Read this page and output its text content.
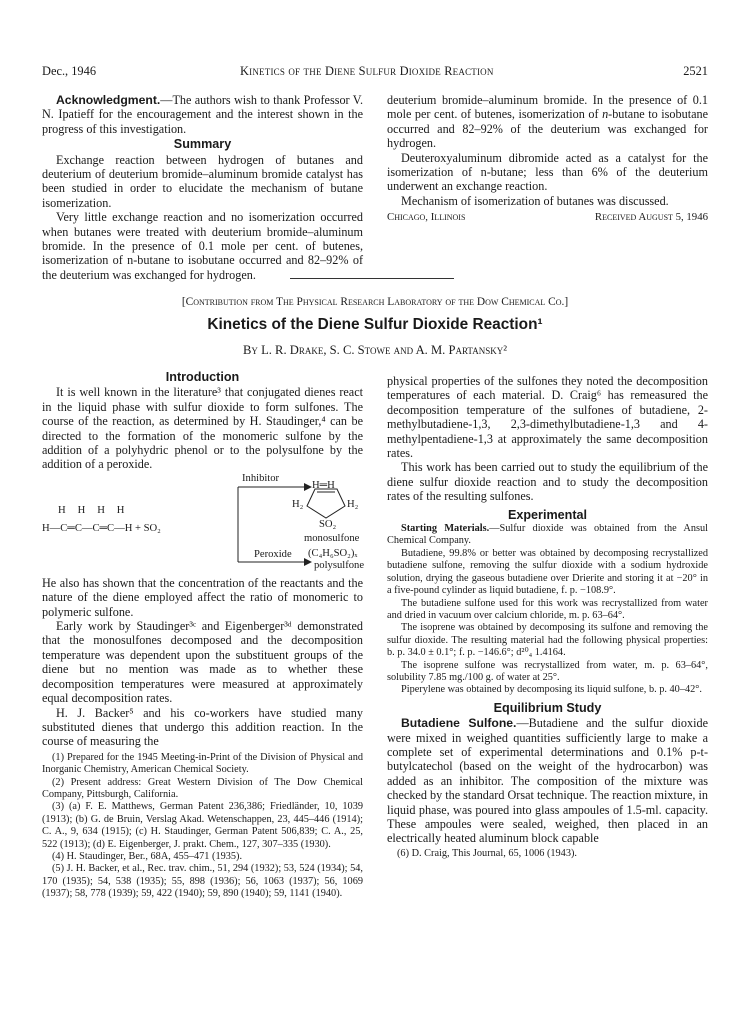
Dec., 1946	Kinetics of the Diene Sulfur Dioxide Reaction	2521

Acknowledgment.—The authors wish to thank Professor V. N. Ipatieff for the encouragement and the interest shown in the progress of this investigation.

Summary

Exchange reaction between hydrogen of butanes and deuterium of deuterium bromide–aluminum bromide catalyst has been studied in order to elucidate the mechanism of butane isomerization.

Very little exchange reaction and no isomerization occurred when butanes were treated with deuterium bromide–aluminum bromide. In the presence of 0.1 mole per cent. of butenes, isomerization of n-butane to isobutane occurred and 82–92% of the deuterium was exchanged for hydrogen.

deuterium bromide–aluminum bromide. In the presence of 0.1 mole per cent. of butenes, isomerization of n-butane to isobutane occurred and 82–92% of the deuterium was exchanged for hydrogen.

Deuteroxyaluminum dibromide acted as a catalyst for the isomerization of n-butane; less than 6% of the deuterium underwent an exchange reaction.

Mechanism of isomerization of butanes was discussed.

Chicago, Illinois	Received August 5, 1946
[Contribution from The Physical Research Laboratory of the Dow Chemical Co.]
Kinetics of the Diene Sulfur Dioxide Reaction¹
By L. R. Drake, S. C. Stowe and A. M. Partansky²
Introduction

It is well known in the literature³ that conjugated dienes react in the liquid phase with sulfur dioxide to form sulfones. The course of the reaction, as determined by H. Staudinger,⁴ can be directed to the formation of the monomeric sulfone by the addition of a polyhydric phenol or to the polysulfone by the addition of a peroxide.

Inhibitor
H═H
H₂	H₂
SO₂
H   H   H   H
H—C═C—C═C—H + SO₂
monosulfone
Peroxide (C₄H₆SO₂)ₓ
polysulfone

He also has shown that the concentration of the reactants and the nature of the diene employed affect the ratio of monomeric to polymeric sulfone.

Early work by Staudinger³ᶜ and Eigenberger³ᵈ demonstrated that the monosulfones decomposed and the decomposition temperature was dependent upon the substituent groups of the diene but no mention was made as to whether these decomposition temperatures were measured at approximately equal decomposition rates.

H. J. Backer⁵ and his co-workers have studied many substituted dienes that undergo this addition reaction. In the course of measuring the

(1) Prepared for the 1945 Meeting-in-Print of the Division of Physical and Inorganic Chemistry, American Chemical Society.

(2) Present address: Great Western Division of The Dow Chemical Company, Pittsburgh, California.

(3) (a) F. E. Matthews, German Patent 236,386; Friedländer, 10, 1039 (1913); (b) G. de Bruin, Verslag Akad. Wetenschappen, 23, 445–446 (1914); C. A., 9, 634 (1915); (c) H. Staudinger, German Patent 506,839; C. A., 25, 522 (1913); (d) E. Eigenberger, J. prakt. Chem., 127, 307–335 (1930).

(4) H. Staudinger, Ber., 68A, 455–471 (1935).

(5) J. H. Backer, et al., Rec. trav. chim., 51, 294 (1932); 53, 524 (1934); 54, 170 (1935); 54, 538 (1935); 55, 898 (1936); 56, 1063 (1937); 56, 1069 (1937); 58, 778 (1939); 59, 422 (1940); 59, 890 (1940); 59, 1141 (1940).

physical properties of the sulfones they noted the decomposition temperatures of each material. D. Craig⁶ has remeasured the decomposition temperature of the sulfones of butadiene, 2-methylbutadiene-1,3, 2,3-dimethylbutadiene-1,3 and 4-methylpentadiene-1,3 at approximately the same decomposition rates.

This work has been carried out to study the equilibrium of the diene sulfur dioxide reaction and to study the decomposition rates of the resulting sulfones.

Experimental

Starting Materials.—Sulfur dioxide was obtained from the Ansul Chemical Company.

Butadiene, 99.8% or better was obtained by decomposing recrystallized butadiene sulfone, removing the sulfur dioxide with a sodium hydroxide solution, drying the gaseous butadiene over Drierite and storing it at −20° in a five-pound cylinder as liquid butadiene, f. p. −108.9°.

The butadiene sulfone used for this work was recrystallized from water and dried in vacuum over calcium chloride, m. p. 63–64°.

The isoprene was obtained by decomposing its sulfone and removing the sulfur dioxide. The resulting material had the following physical properties: b. p. 34.0 ± 0.1°; f. p. −146.6°; d²⁰₄ 1.4164.

The isoprene sulfone was recrystallized from water, m. p. 63–64°, solubility 7.85 mg./100 g. of water at 25°.

Piperylene was obtained by decomposing its liquid sulfone, b. p. 40–42°.

Equilibrium Study

Butadiene Sulfone.—Butadiene and the sulfur dioxide were mixed in weighed quantities sufficiently large to make a complete set of experimental determinations and 0.1% p-t-butylcatechol (based on the weight of the hydrocarbon) was added as an inhibitor. The composition of the mixture was checked by the standard Orsat technique. The reaction mixture, in liquid phase, was poured into glass ampoules of 1.5-ml. capacity. These ampoules were sealed, weighed, then placed in an electrically heated aluminum block capable

(6) D. Craig, This Journal, 65, 1006 (1943).
